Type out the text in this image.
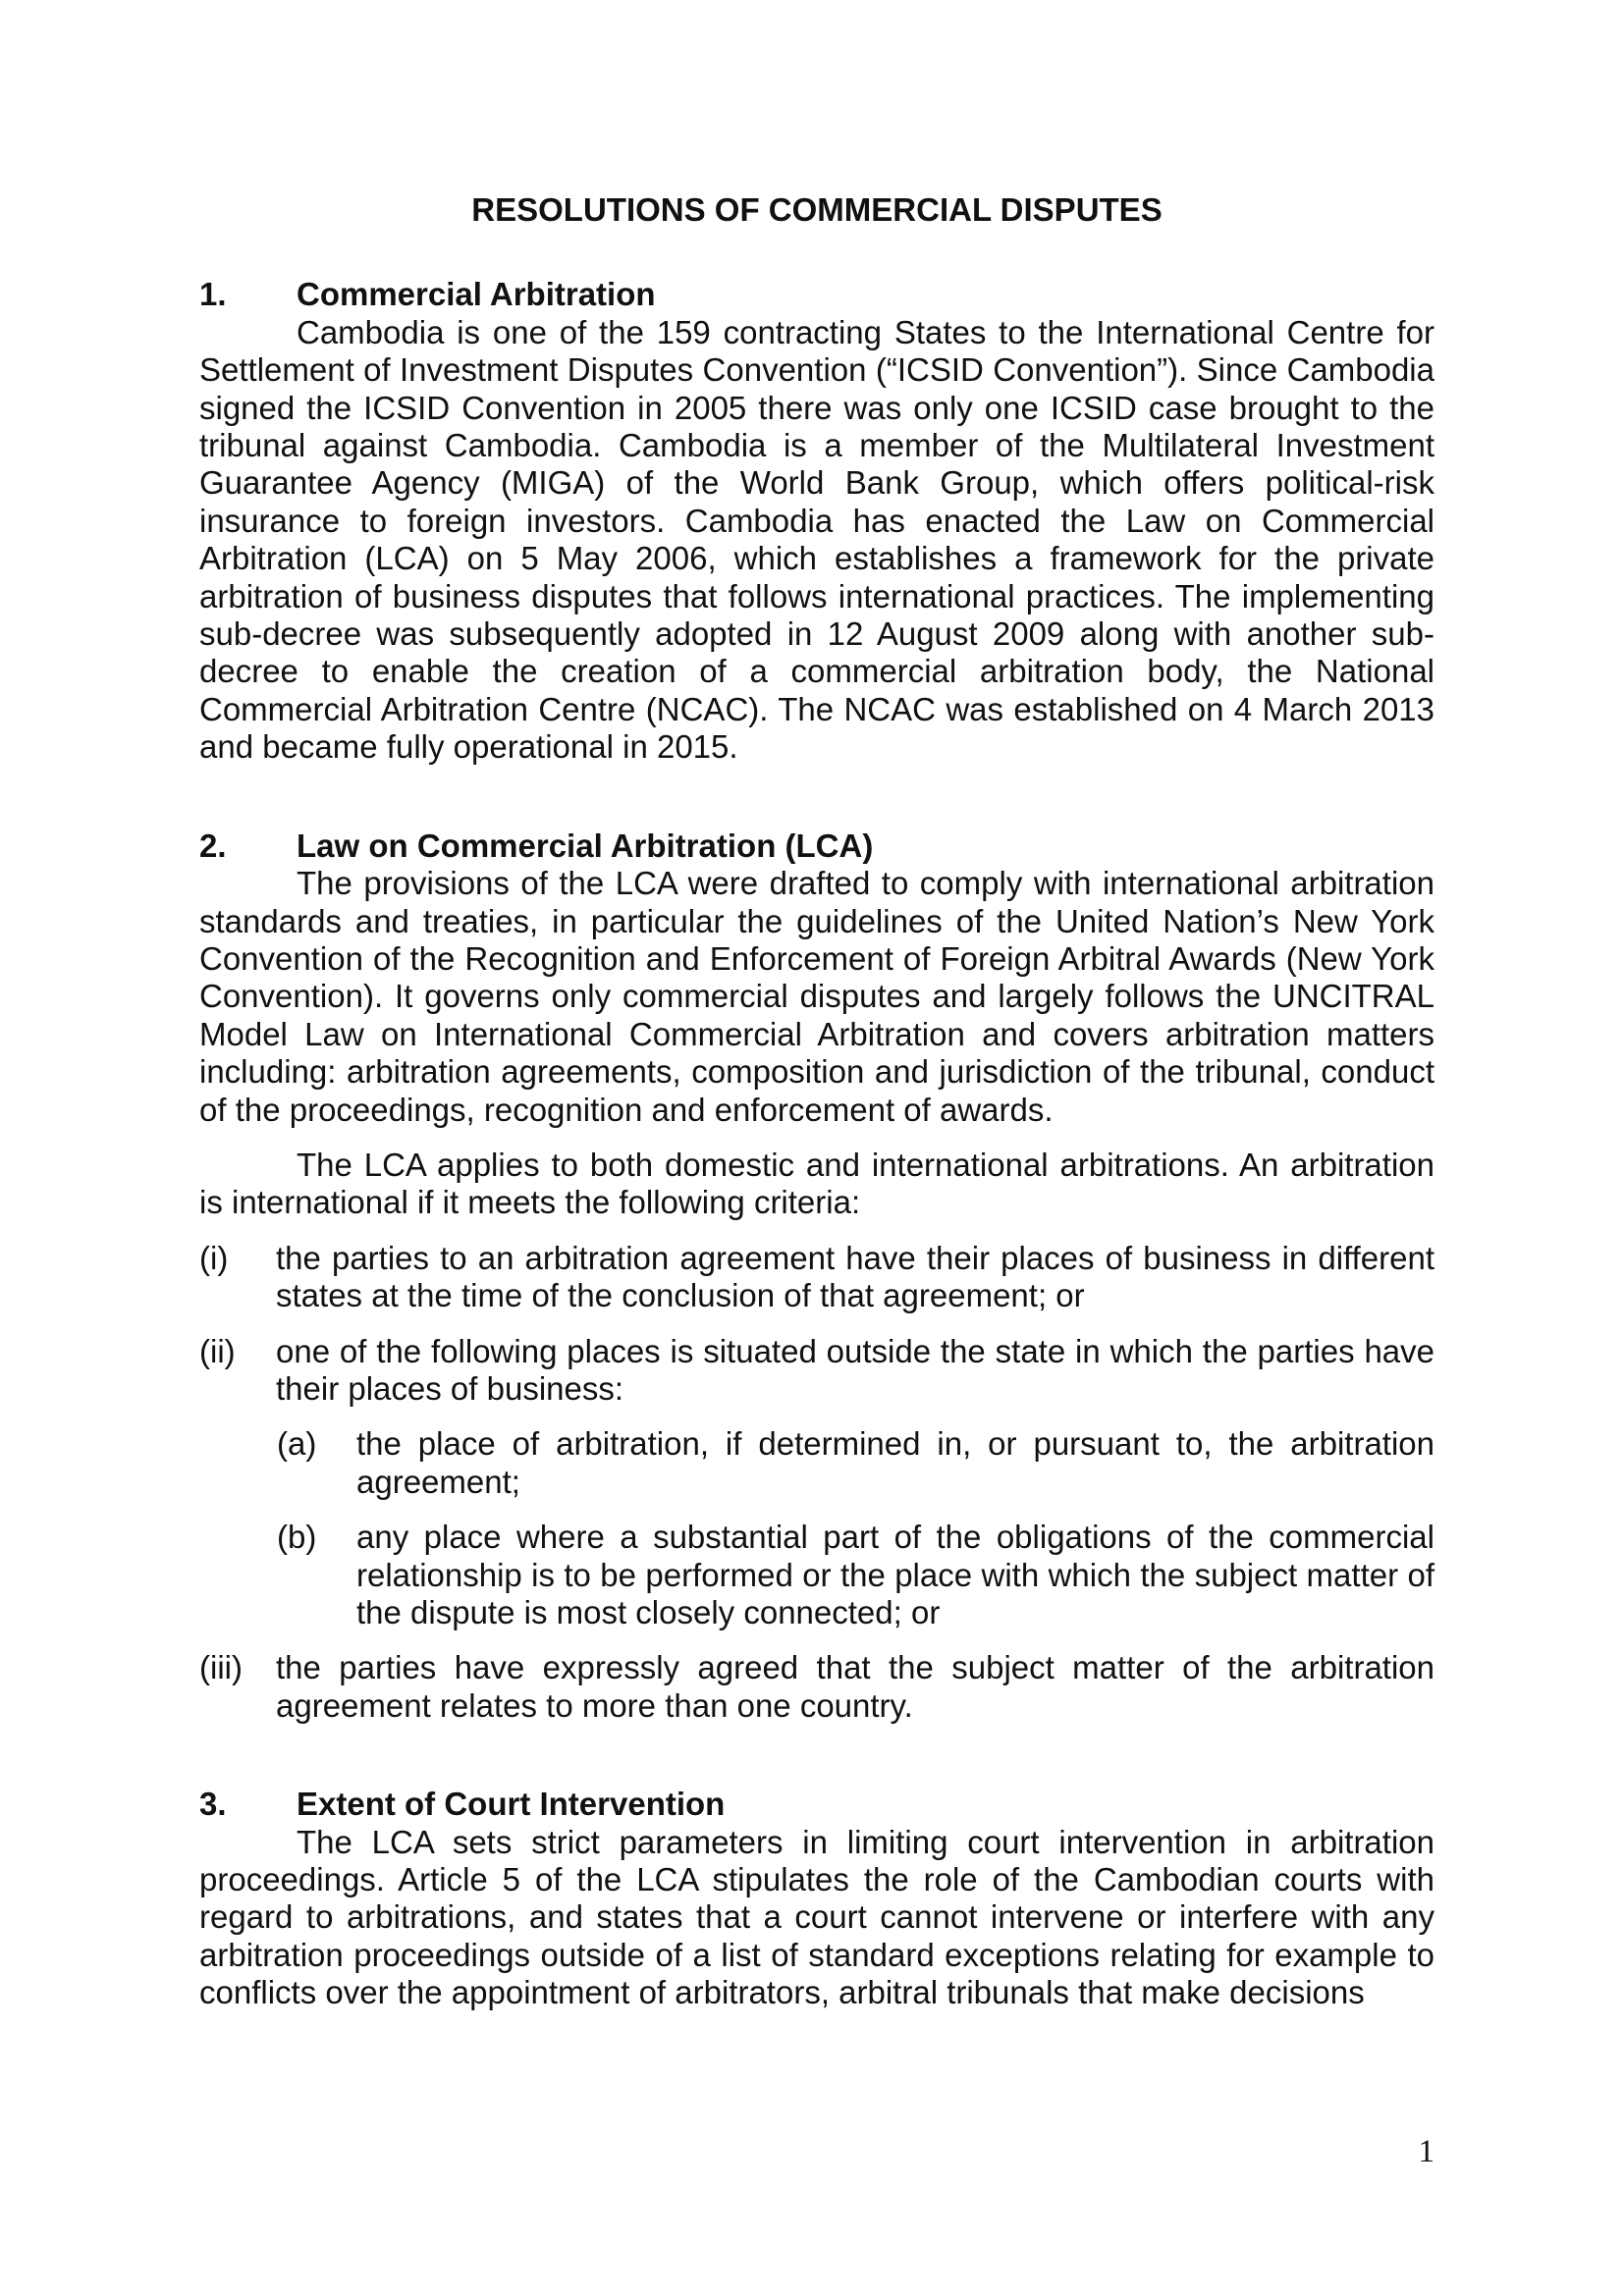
RESOLUTIONS OF COMMERCIAL DISPUTES
1.	Commercial Arbitration

Cambodia is one of the 159 contracting States to the International Centre for Settlement of Investment Disputes Convention (“ICSID Convention”). Since Cambodia signed the ICSID Convention in 2005 there was only one ICSID case brought to the tribunal against Cambodia. Cambodia is a member of the Multilateral Investment Guarantee Agency (MIGA) of the World Bank Group, which offers political-risk insurance to foreign investors. Cambodia has enacted the Law on Commercial Arbitration (LCA) on 5 May 2006, which establishes a framework for the private arbitration of business disputes that follows international practices. The implementing sub-decree was subsequently adopted in 12 August 2009 along with another sub-decree to enable the creation of a commercial arbitration body, the National Commercial Arbitration Centre (NCAC). The NCAC was established on 4 March 2013 and became fully operational in 2015.

2.	Law on Commercial Arbitration (LCA)

The provisions of the LCA were drafted to comply with international arbitration standards and treaties, in particular the guidelines of the United Nation’s New York Convention of the Recognition and Enforcement of Foreign Arbitral Awards (New York Convention). It governs only commercial disputes and largely follows the UNCITRAL Model Law on International Commercial Arbitration and covers arbitration matters including: arbitration agreements, composition and jurisdiction of the tribunal, conduct of the proceedings, recognition and enforcement of awards.

The LCA applies to both domestic and international arbitrations. An arbitration is international if it meets the following criteria:

(i)	the parties to an arbitration agreement have their places of business in different states at the time of the conclusion of that agreement; or
(ii)	one of the following places is situated outside the state in which the parties have their places of business:
(a)	the place of arbitration, if determined in, or pursuant to, the arbitration agreement;
(b)	any place where a substantial part of the obligations of the commercial relationship is to be performed or the place with which the subject matter of the dispute is most closely connected; or
(iii)	the parties have expressly agreed that the subject matter of the arbitration agreement relates to more than one country.
3.	Extent of Court Intervention

The LCA sets strict parameters in limiting court intervention in arbitration proceedings. Article 5 of the LCA stipulates the role of the Cambodian courts with regard to arbitrations, and states that a court cannot intervene or interfere with any arbitration proceedings outside of a list of standard exceptions relating for example to conflicts over the appointment of arbitrators, arbitral tribunals that make decisions

1
